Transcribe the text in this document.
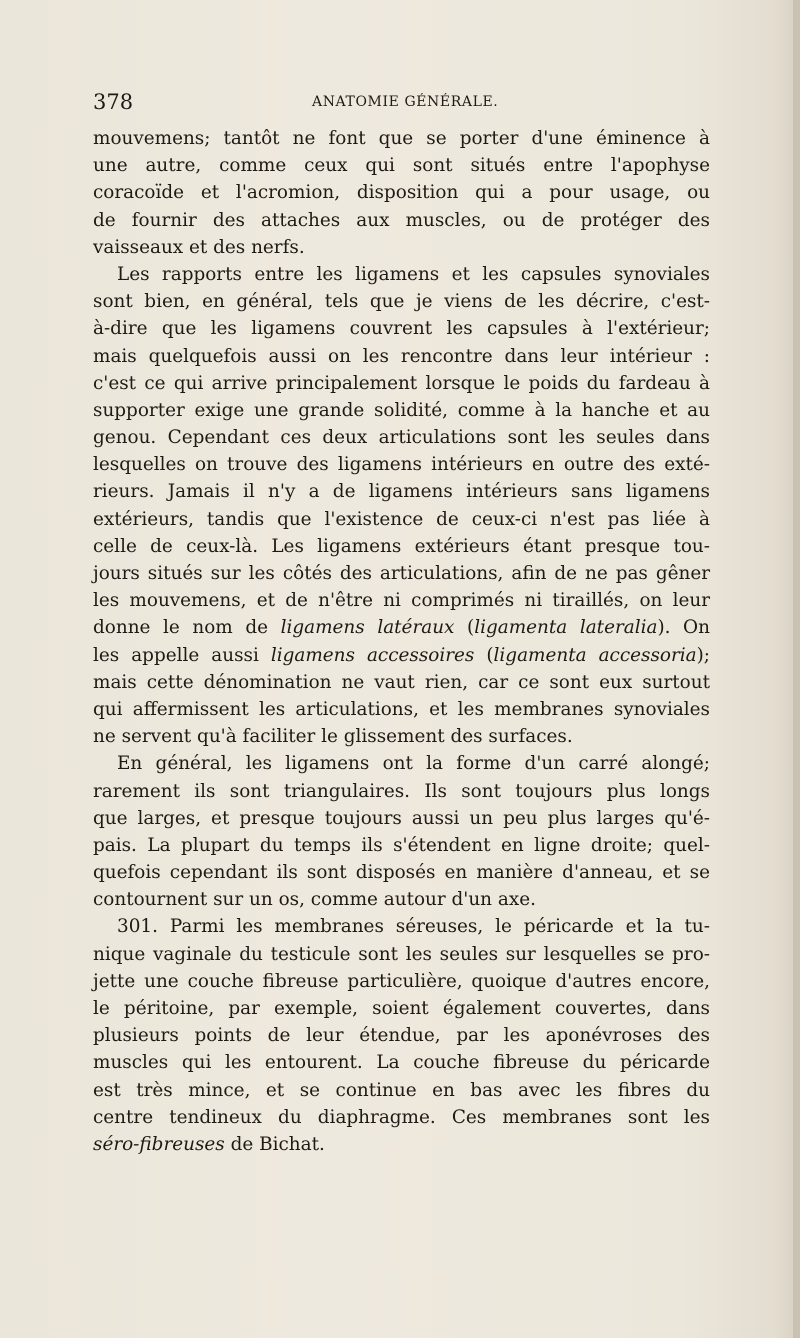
378	ANATOMIE GÉNÉRALE.
mouvemens; tantôt ne font que se porter d'une éminence à
une autre, comme ceux qui sont situés entre l'apophyse
coracoïde et l'acromion, disposition qui a pour usage, ou
de fournir des attaches aux muscles, ou de protéger des
vaisseaux et des nerfs.
Les rapports entre les ligamens et les capsules synoviales
sont bien, en général, tels que je viens de les décrire, c'est-
à-dire que les ligamens couvrent les capsules à l'extérieur;
mais quelquefois aussi on les rencontre dans leur intérieur :
c'est ce qui arrive principalement lorsque le poids du fardeau à
supporter exige une grande solidité, comme à la hanche et au
genou. Cependant ces deux articulations sont les seules dans
lesquelles on trouve des ligamens intérieurs en outre des exté-
rieurs. Jamais il n'y a de ligamens intérieurs sans ligamens
extérieurs, tandis que l'existence de ceux-ci n'est pas liée à
celle de ceux-là. Les ligamens extérieurs étant presque tou-
jours situés sur les côtés des articulations, afin de ne pas gêner
les mouvemens, et de n'être ni comprimés ni tiraillés, on leur
donne le nom de ligamens latéraux (ligamenta lateralia). On
les appelle aussi ligamens accessoires (ligamenta accessoria);
mais cette dénomination ne vaut rien, car ce sont eux surtout
qui affermissent les articulations, et les membranes synoviales
ne servent qu'à faciliter le glissement des surfaces.
En général, les ligamens ont la forme d'un carré alongé;
rarement ils sont triangulaires. Ils sont toujours plus longs
que larges, et presque toujours aussi un peu plus larges qu'é-
pais. La plupart du temps ils s'étendent en ligne droite; quel-
quefois cependant ils sont disposés en manière d'anneau, et se
contournent sur un os, comme autour d'un axe.
301. Parmi les membranes séreuses, le péricarde et la tu-
nique vaginale du testicule sont les seules sur lesquelles se pro-
jette une couche fibreuse particulière, quoique d'autres encore,
le péritoine, par exemple, soient également couvertes, dans
plusieurs points de leur étendue, par les aponévroses des
muscles qui les entourent. La couche fibreuse du péricarde
est très mince, et se continue en bas avec les fibres du
centre tendineux du diaphragme. Ces membranes sont les
séro-fibreuses de Bichat.
